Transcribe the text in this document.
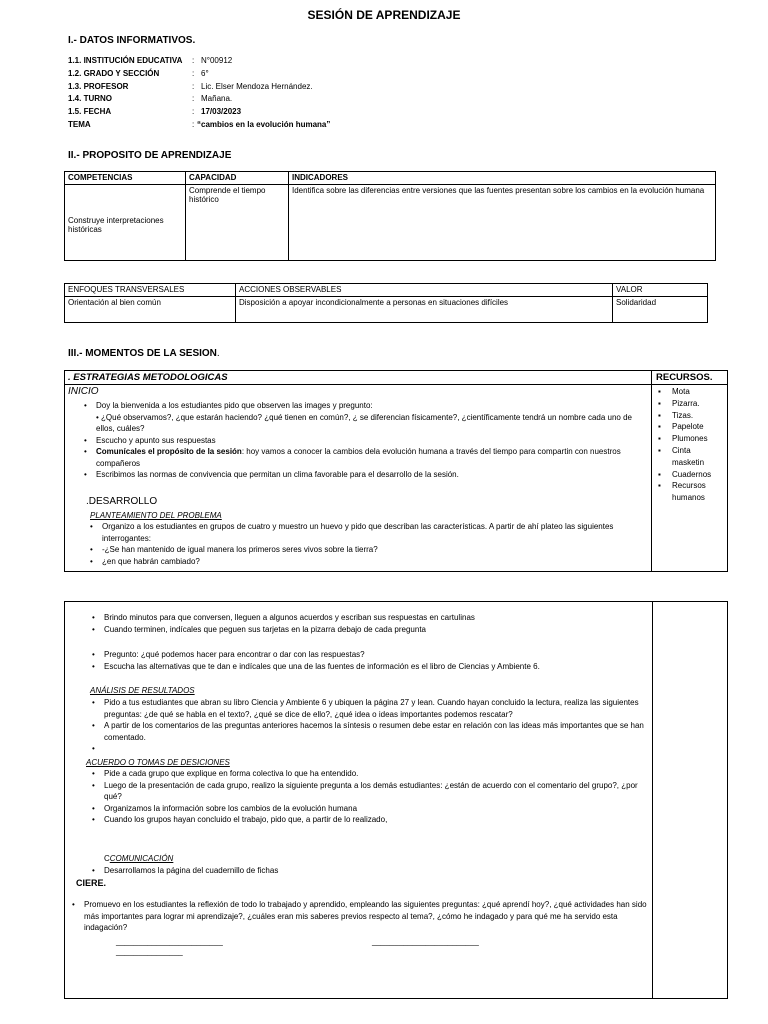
SESIÓN DE APRENDIZAJE
I.- DATOS INFORMATIVOS.
1.1. INSTITUCIÓN EDUCATIVA : N°00912
1.2. GRADO Y SECCIÓN	: 6°
1.3. PROFESOR	: Lic. Elser Mendoza Hernández.
1.4. TURNO	: Mañana.
1.5. FECHA	: 17/03/2023
TEMA	: “cambios en la evolución humana”
II.- PROPOSITO DE APRENDIZAJE
COMPETENCIAS	CAPACIDAD	INDICADORES
Construye interpretaciones históricas	Comprende el tiempo histórico	Identifica sobre las diferencias entre versiones que las fuentes presentan sobre los cambios en la evolución humana
ENFOQUES TRANSVERSALES	ACCIONES OBSERVABLES	VALOR
Orientación al bien común	Disposición a apoyar incondicionalmente a personas en situaciones difíciles	Solidaridad
III.- MOMENTOS DE LA SESION.
. ESTRATEGIAS METODOLOGICAS	RECURSOS.
▪ Mota
▪ Pizarra.
▪ Tizas.
▪ Papelote
▪ Plumones
▪ Cinta masketin
▪ Cuadernos
▪ Recursos humanos
INICIO
• Doy la bienvenida a los estudiantes pido que observen las images y pregunto:
• ¿Qué observamos?, ¿que estarán haciendo? ¿qué tienen en común?, ¿ se diferencian físicamente?, ¿científicamente tendrá un nombre cada uno de ellos, cuáles?
• Escucho y apunto sus respuestas
• Comunícales el propósito de la sesión: hoy vamos a conocer la cambios dela evolución humana a través del tiempo para compartin con nuestros compañeros
• Escribimos las normas de convivencia que permitan un clima favorable para el desarrollo de la sesión.
.DESARROLLO
PLANTEAMIENTO DEL PROBLEMA
• Organizo a los estudiantes en grupos de cuatro y muestro un huevo y pido que describan las características. A partir de ahí plateo las siguientes interrogantes:
• -¿Se han mantenido de igual manera los primeros seres vivos sobre la tierra?
• ¿en que habrán cambiado?
• Brindo minutos para que conversen, lleguen a algunos acuerdos y escriban sus respuestas en cartulinas
• Cuando terminen, indícales que peguen sus tarjetas en la pizarra debajo de cada pregunta
• Pregunto: ¿qué podemos hacer para encontrar o dar con las respuestas?
• Escucha las alternativas que te dan e indícales que una de las fuentes de información es el libro de Ciencias y Ambiente 6.
ANÁLISIS DE RESULTADOS
• Pido a tus estudiantes que abran su libro Ciencia y Ambiente 6 y ubiquen la página 27 y lean. Cuando hayan concluido la lectura, realiza las siguientes preguntas: ¿de qué se habla en el texto?, ¿qué se dice de ello?, ¿qué idea o ideas importantes podemos rescatar?
• A partir de los comentarios de las preguntas anteriores hacemos la síntesis o resumen debe estar en relación con las ideas más importantes que se han comentado.
•
ACUERDO O TOMAS DE DESICIONES
• Pide a cada grupo que explique en forma colectiva lo que ha entendido.
• Luego de la presentación de cada grupo, realizo la siguiente pregunta a los demás estudiantes: ¿están de acuerdo con el comentario del grupo?, ¿por qué?
• Organizamos la información sobre los cambios de la evolución humana
• Cuando los grupos hayan concluido el trabajo, pido que, a partir de lo realizado,
CCOMUNICACIÓN
• Desarrollamos la página del cuadernillo de fichas
CIERE.
• Promuevo en los estudiantes la reflexión de todo lo trabajado y aprendido, empleando las siguientes preguntas: ¿qué aprendí hoy?, ¿qué actividades han sido más importantes para lograr mi aprendizaje?, ¿cuáles eran mis saberes previos respecto al tema?, ¿cómo he indagado y para qué me ha servido esta indagación?
________________________	________________________
_______________
